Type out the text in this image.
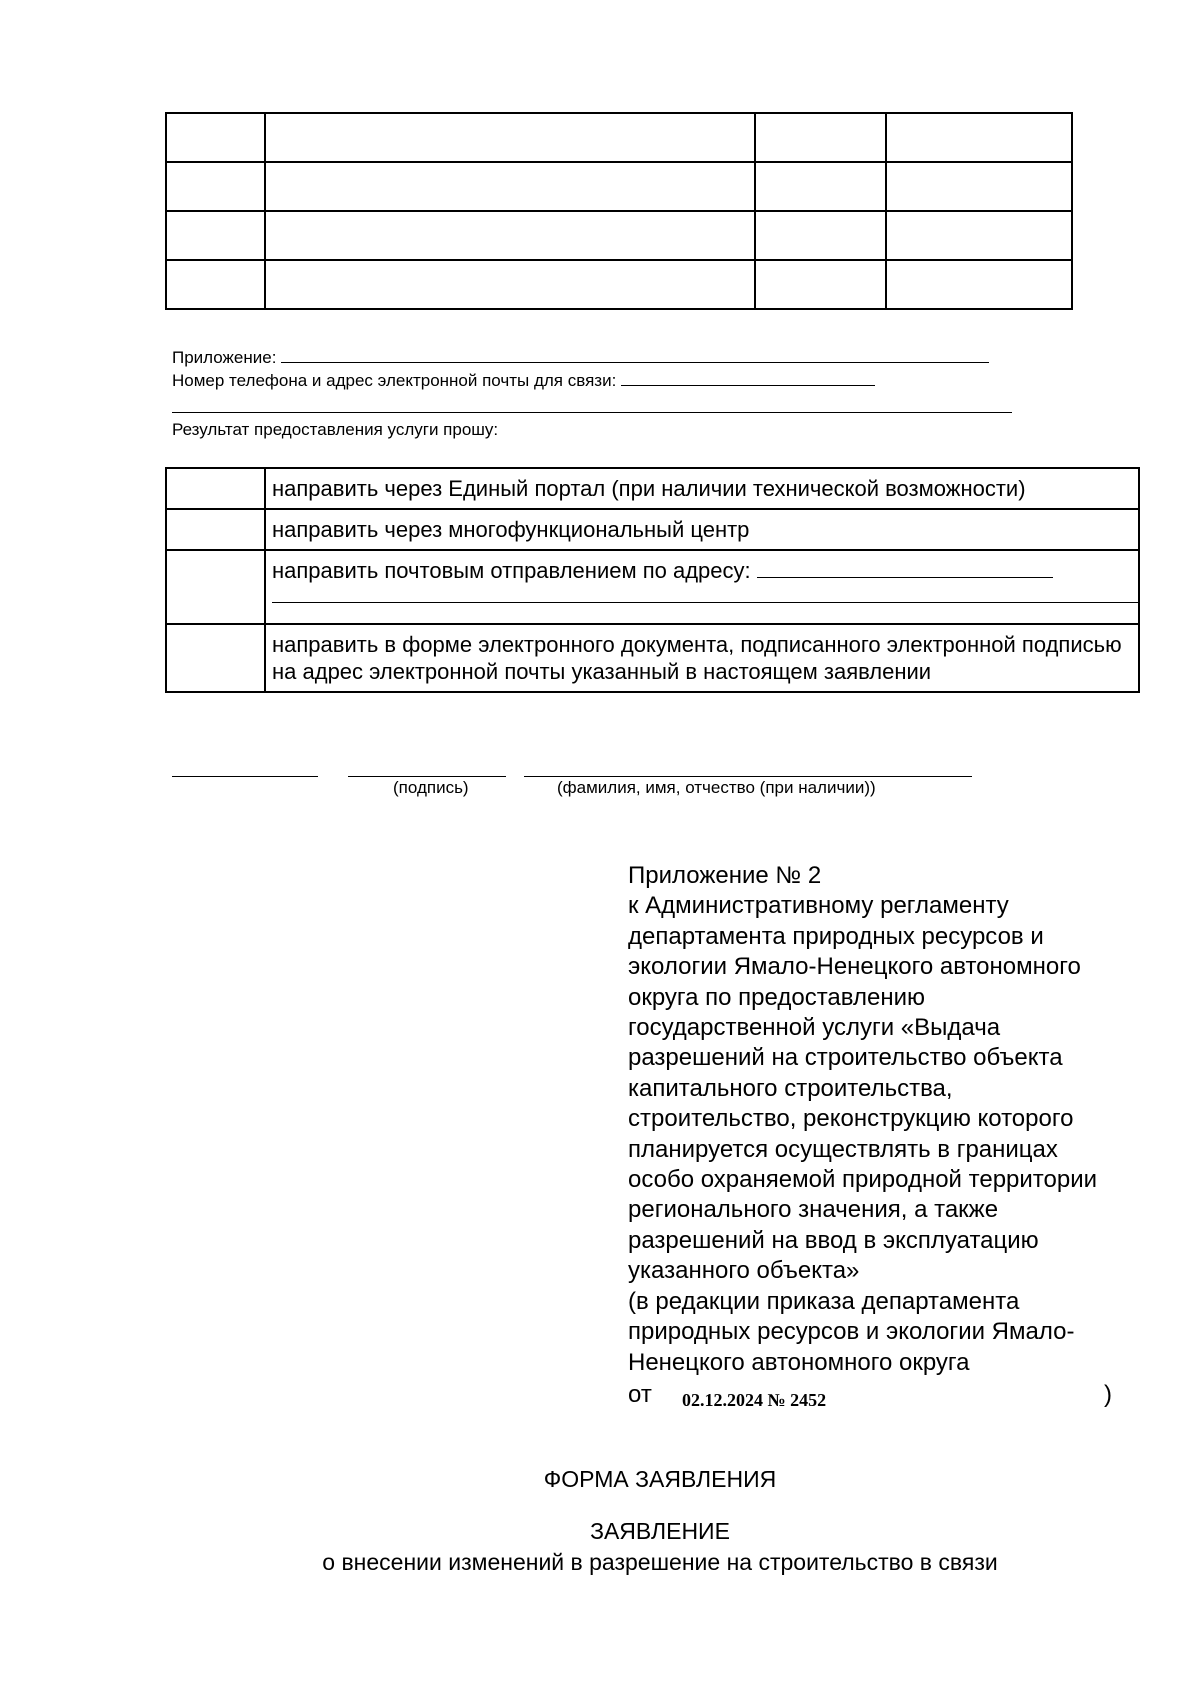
Приложение:
Номер телефона и адрес электронной почты для связи:
Результат предоставления услуги прошу:
	направить через Единый портал (при наличии технической возможности)
	направить через многофункциональный центр
	направить почтовым отправлением по адресу:

	направить в форме электронного документа, подписанного электронной подписью на адрес электронной почты указанный в настоящем заявлении
(подпись)	(фамилия, имя, отчество (при наличии))
Приложение № 2
к Административному регламенту
департамента природных ресурсов и
экологии Ямало-Ненецкого автономного
округа по предоставлению
государственной услуги «Выдача
разрешений на строительство объекта
капитального строительства,
строительство, реконструкцию которого
планируется осуществлять в границах
особо охраняемой природной территории
регионального значения, а также
разрешений на ввод в эксплуатацию
указанного объекта»
(в редакции приказа департамента
природных ресурсов и экологии Ямало-
Ненецкого автономного округа
от 02.12.2024 № 2452	)
ФОРМА ЗАЯВЛЕНИЯ
ЗАЯВЛЕНИЕ
о внесении изменений в разрешение на строительство в связи
